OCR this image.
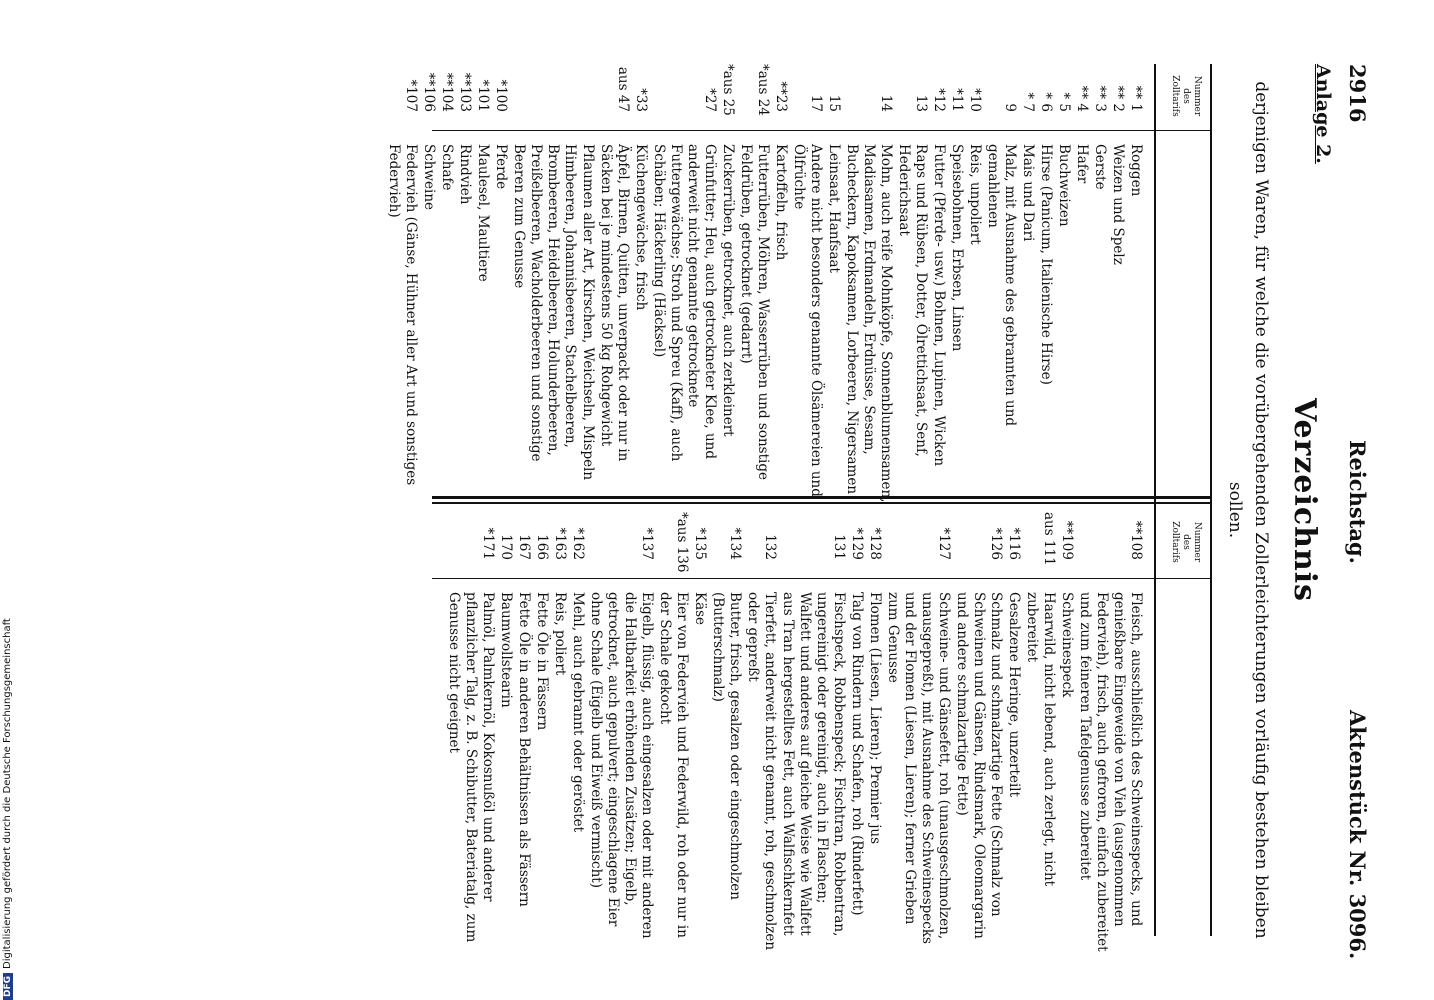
2916
Reichstag.
Aktenstück Nr. 3096.
Anlage 2.
Verzeichnis
derjenigen Waren, für welche die vorübergehenden Zollerleichterungen vorläufig bestehen bleiben sollen.
Nummer des Zolltarifs
Nummer des Zolltarifs
** 1
Roggen
** 2
Weizen und Spelz
** 3
Gerste
** 4
Hafer
* 5
Buchweizen
* 6
Hirse (Panicum, Italienische Hirse)
* 7
Mais und Dari
9
Malz, mit Ausnahme des gebrannten und gemahlenen
*10
Reis, unpoliert
*11
Speisebohnen, Erbsen, Linsen
*12
Futter (Pferde- usw.) Bohnen, Lupinen, Wicken
13
Raps und Rübsen, Dotter, Ölrettichsaat, Senf, Hederichsaat
14
Mohn, auch reife Mohnköpfe, Sonnenblumensamen, Madiasamen, Erdmandeln, Erdnüsse, Sesam, Bucheckern, Kapoksamen, Lorbeeren, Nigersamen
15
Leinsaat, Hanfsaat
17
Andere nicht besonders genannte Ölsämereien und Ölfrüchte
**23
Kartoffeln, frisch
*aus 24
Futterrüben, Möhren, Wasserrüben und sonstige Feldrüben, getrocknet (gedarrt)
*aus 25
Zuckerrüben, getrocknet, auch zerkleinert
*27
Grünfutter; Heu, auch getrockneter Klee, und anderweit nicht genannte getrocknete Futtergewächse; Stroh und Spreu (Kaff), auch Schäben; Häckerling (Häcksel)
*33
Küchengewächse, frisch
aus 47
Äpfel, Birnen, Quitten, unverpackt oder nur in Säcken bei je mindestens 50 kg Rohgewicht
Pflaumen aller Art, Kirschen, Weichseln, Mispeln
Himbeeren, Johannisbeeren, Stachelbeeren, Brombeeren, Heidelbeeren, Holunderbeeren, Preißelbeeren, Wacholderbeeren und sonstige Beeren zum Genusse
*100
Pferde
*101
Maulesel, Maultiere
**103
Rindvieh
**104
Schafe
**106
Schweine
*107
Federvieh (Gänse, Hühner aller Art und sonstiges Federvieh)
**108
Fleisch, ausschließlich des Schweinespecks, und genießbare Eingeweide von Vieh (ausgenommen Federvieh), frisch, auch gefroren, einfach zubereitet und zum feineren Tafelgenusse zubereitet
**109
Schweinespeck
aus 111
Haarwild, nicht lebend, auch zerlegt, nicht zubereitet
*116
Gesalzene Heringe, unzerteilt
*126
Schmalz und schmalzartige Fette (Schmalz von Schweinen und Gänsen, Rindsmark, Oleomargarin und andere schmalzartige Fette)
*127
Schweine- und Gänsefett, roh (unausgeschmolzen, unausgepreßt), mit Ausnahme des Schweinespecks und der Flomen (Liesen, Lieren); ferner Grieben zum Genusse
*128
Flomen (Liesen, Lieren); Premier jus
*129
Talg von Rindern und Schafen, roh (Rinderfett)
131
Fischspeck, Robbenspeck; Fischtran, Robbentran, ungereinigt oder gereinigt, auch in Flaschen; Walfett und anderes auf gleiche Weise wie Walfett aus Tran hergestelltes Fett, auch Walfischkernfett
132
Tierfett, anderweit nicht genannt, roh, geschmolzen oder gepreßt
*134
Butter, frisch, gesalzen oder eingeschmolzen (Butterschmalz)
*135
Käse
*aus 136
Eier von Federvieh und Federwild, roh oder nur in der Schale gekocht
*137
Eigelb, flüssig, auch eingesalzen oder mit anderen die Haltbarkeit erhöhenden Zusätzen; Eigelb, getrocknet, auch gepulvert; eingeschlagene Eier ohne Schale (Eigelb und Eiweiß vermischt)
*162
Mehl, auch gebrannt oder geröstet
*163
Reis, poliert
166
Fette Öle in Fässern
167
Fette Öle in anderen Behältnissen als Fässern
170
Baumwollstearin
*171
Palmöl, Palmkernöl, Kokosnußöl und anderer pflanzlicher Talg, z. B. Schibutter, Bateriatalg, zum Genusse nicht geeignet
DFGDigitalisierung gefördert durch die Deutsche Forschungsgemeinschaft
